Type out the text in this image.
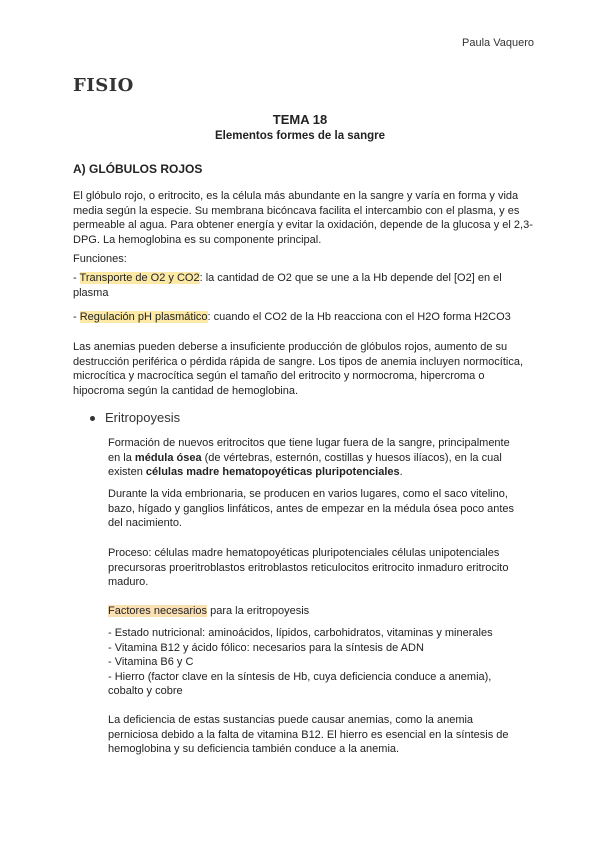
Paula Vaquero
FISIO
TEMA 18
Elementos formes de la sangre
A) GLÓBULOS ROJOS
El glóbulo rojo, o eritrocito, es la célula más abundante en la sangre y varía en forma y vida media según la especie. Su membrana bicóncava facilita el intercambio con el plasma, y es permeable al agua. Para obtener energía y evitar la oxidación, depende de la glucosa y el 2,3-DPG. La hemoglobina es su componente principal.
Funciones:
- Transporte de O2 y CO2: la cantidad de O2 que se une a la Hb depende del [O2] en el plasma
- Regulación pH plasmático: cuando el CO2 de la Hb reacciona con el H2O forma H2CO3
Las anemias pueden deberse a insuficiente producción de glóbulos rojos, aumento de su destrucción periférica o pérdida rápida de sangre. Los tipos de anemia incluyen normocítica, microcítica y macrocítica según el tamaño del eritrocito y normocroma, hipercroma o hipocroma según la cantidad de hemoglobina.
Eritropoyesis
Formación de nuevos eritrocitos que tiene lugar fuera de la sangre, principalmente en la médula ósea (de vértebras, esternón, costillas y huesos ilíacos), en la cual existen células madre hematopoyéticas pluripotenciales.
Durante la vida embrionaria, se producen en varios lugares, como el saco vitelino, bazo, hígado y ganglios linfáticos, antes de empezar en la médula ósea poco antes del nacimiento.
Proceso: células madre hematopoyéticas pluripotenciales células unipotenciales precursoras proeritroblastos eritroblastos reticulocitos eritrocito inmaduro eritrocito maduro.
Factores necesarios para la eritropoyesis
- Estado nutricional: aminoácidos, lípidos, carbohidratos, vitaminas y minerales
- Vitamina B12 y ácido fólico: necesarios para la síntesis de ADN
- Vitamina B6 y C
- Hierro (factor clave en la síntesis de Hb, cuya deficiencia conduce a anemia), cobalto y cobre
La deficiencia de estas sustancias puede causar anemias, como la anemia perniciosa debido a la falta de vitamina B12. El hierro es esencial en la síntesis de hemoglobina y su deficiencia también conduce a la anemia.
